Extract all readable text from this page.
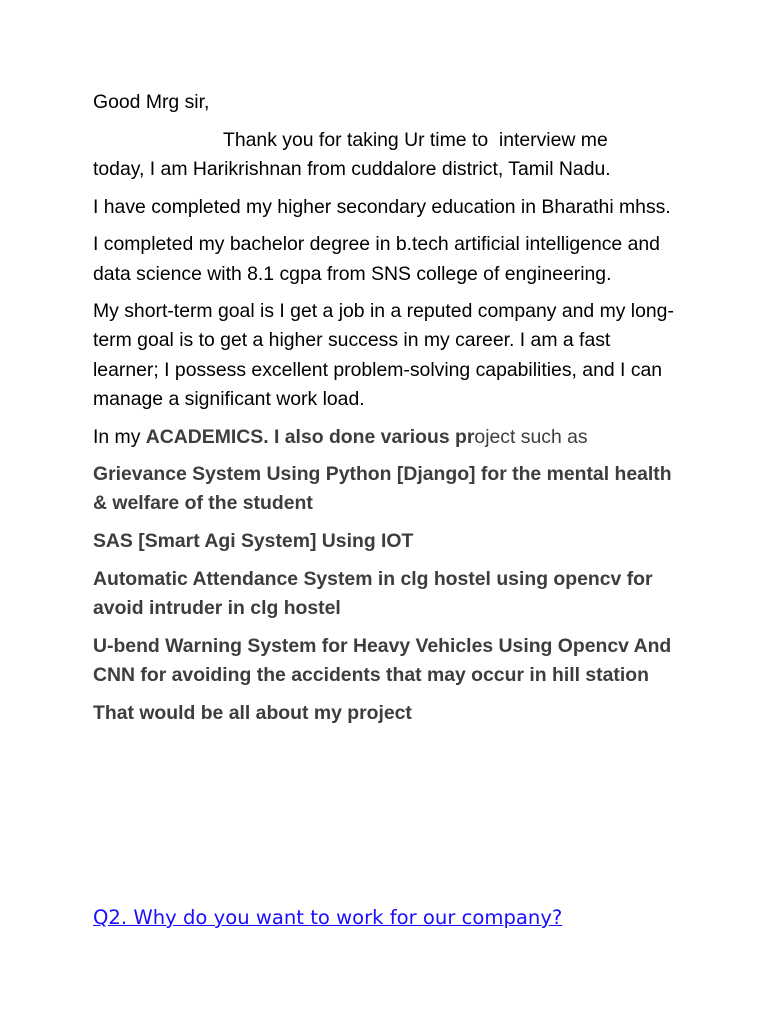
Good Mrg sir,

Thank you for taking Ur time to  interview me
today, I am Harikrishnan from cuddalore district, Tamil Nadu.

I have completed my higher secondary education in Bharathi mhss.

I completed my bachelor degree in b.tech artificial intelligence and data science with 8.1 cgpa from SNS college of engineering.

My short-term goal is I get a job in a reputed company and my long-term goal is to get a higher success in my career. I am a fast learner; I possess excellent problem-solving capabilities, and I can manage a significant work load.

In my ACADEMICS. I also done various project such as

Grievance System Using Python [Django] for the mental health & welfare of the student

SAS [Smart Agi System] Using IOT

Automatic Attendance System in clg hostel using opencv for avoid intruder in clg hostel

U-bend Warning System for Heavy Vehicles Using Opencv And CNN for avoiding the accidents that may occur in hill station

That would be all about my project

Q2. Why do you want to work for our company?
